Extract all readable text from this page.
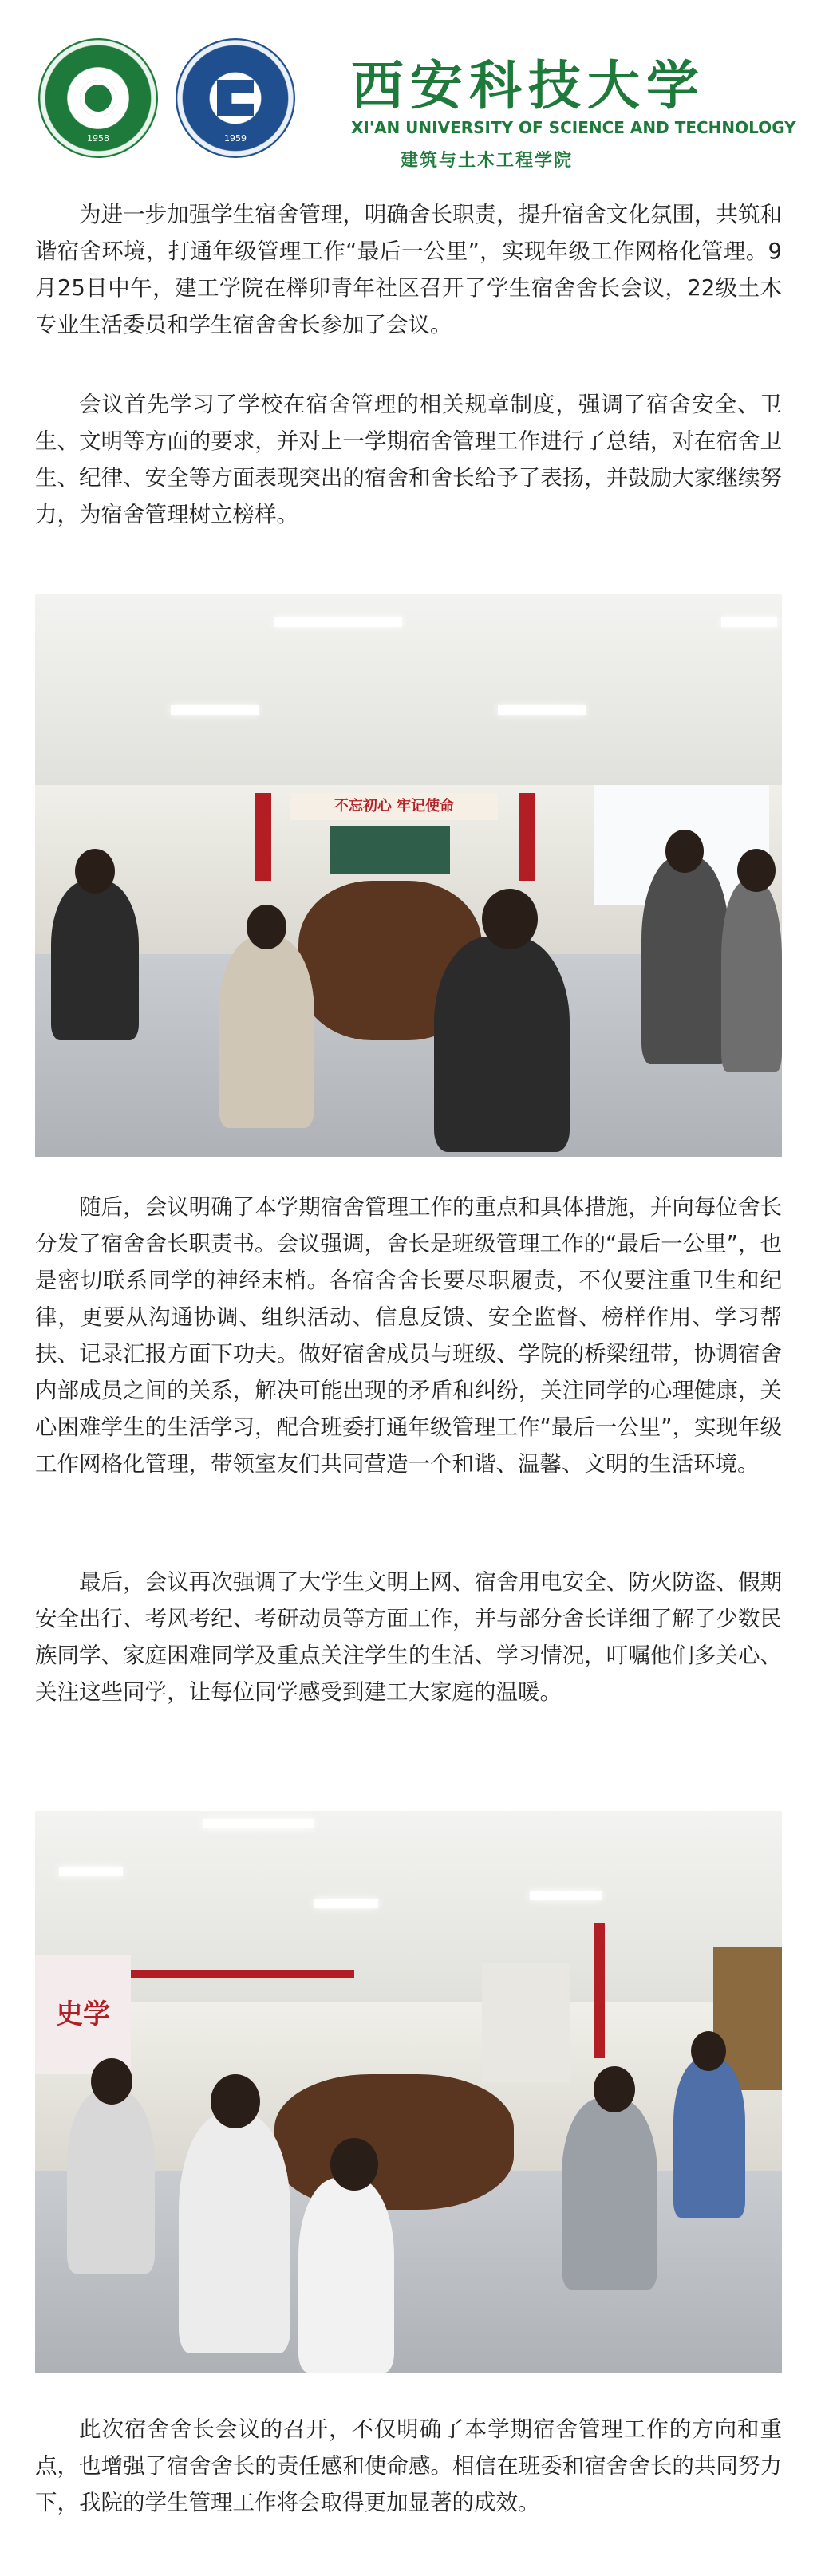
1958	1959
西安科技大学
XI'AN UNIVERSITY OF SCIENCE AND TECHNOLOGY
建筑与土木工程学院

为进一步加强学生宿舍管理，明确舍长职责，提升宿舍文化氛围，共筑和谐宿舍环境，打通年级管理工作“最后一公里”，实现年级工作网格化管理。9月25日中午，建工学院在榉卯青年社区召开了学生宿舍舍长会议，22级土木专业生活委员和学生宿舍舍长参加了会议。

会议首先学习了学校在宿舍管理的相关规章制度，强调了宿舍安全、卫生、文明等方面的要求，并对上一学期宿舍管理工作进行了总结，对在宿舍卫生、纪律、安全等方面表现突出的宿舍和舍长给予了表扬，并鼓励大家继续努力，为宿舍管理树立榜样。

不忘初心 牢记使命

随后，会议明确了本学期宿舍管理工作的重点和具体措施，并向每位舍长分发了宿舍舍长职责书。会议强调，舍长是班级管理工作的“最后一公里”，也是密切联系同学的神经末梢。各宿舍舍长要尽职履责，不仅要注重卫生和纪律，更要从沟通协调、组织活动、信息反馈、安全监督、榜样作用、学习帮扶、记录汇报方面下功夫。做好宿舍成员与班级、学院的桥梁纽带，协调宿舍内部成员之间的关系，解决可能出现的矛盾和纠纷，关注同学的心理健康，关心困难学生的生活学习，配合班委打通年级管理工作“最后一公里”，实现年级工作网格化管理，带领室友们共同营造一个和谐、温馨、文明的生活环境。

最后，会议再次强调了大学生文明上网、宿舍用电安全、防火防盗、假期安全出行、考风考纪、考研动员等方面工作，并与部分舍长详细了解了少数民族同学、家庭困难同学及重点关注学生的生活、学习情况，叮嘱他们多关心、关注这些同学，让每位同学感受到建工大家庭的温暖。

史学

此次宿舍舍长会议的召开，不仅明确了本学期宿舍管理工作的方向和重点，也增强了宿舍舍长的责任感和使命感。相信在班委和宿舍舍长的共同努力下，我院的学生管理工作将会取得更加显著的成效。
